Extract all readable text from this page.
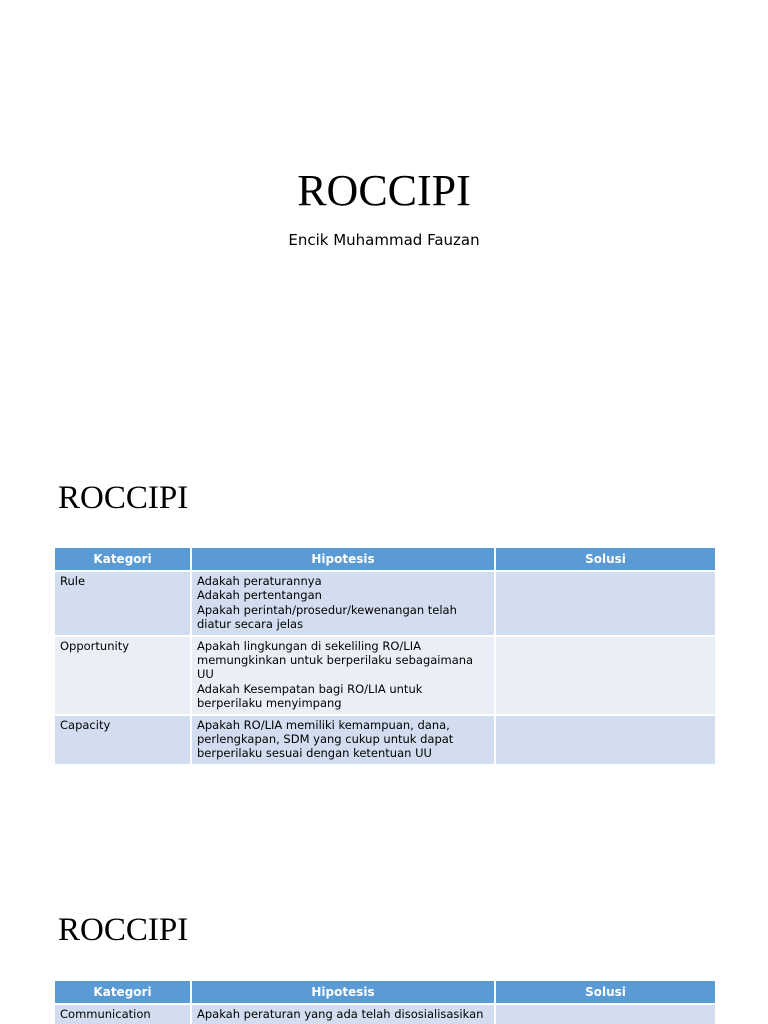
ROCCIPI
Encik Muhammad Fauzan
ROCCIPI
Kategori	Hipotesis	Solusi
Rule	Adakah peraturannya
Adakah pertentangan
Apakah perintah/prosedur/kewenangan telah
diatur secara jelas	

Opportunity	Apakah lingkungan di sekeliling RO/LIA
memungkinkan untuk berperilaku sebagaimana
UU
Adakah Kesempatan bagi RO/LIA untuk
berperilaku menyimpang	

Capacity	Apakah RO/LIA memiliki kemampuan, dana,
perlengkapan, SDM yang cukup untuk dapat
berperilaku sesuai dengan ketentuan UU	

ROCCIPI
Kategori	Hipotesis	Solusi
Communication	Apakah peraturan yang ada telah disosialisasikan	
